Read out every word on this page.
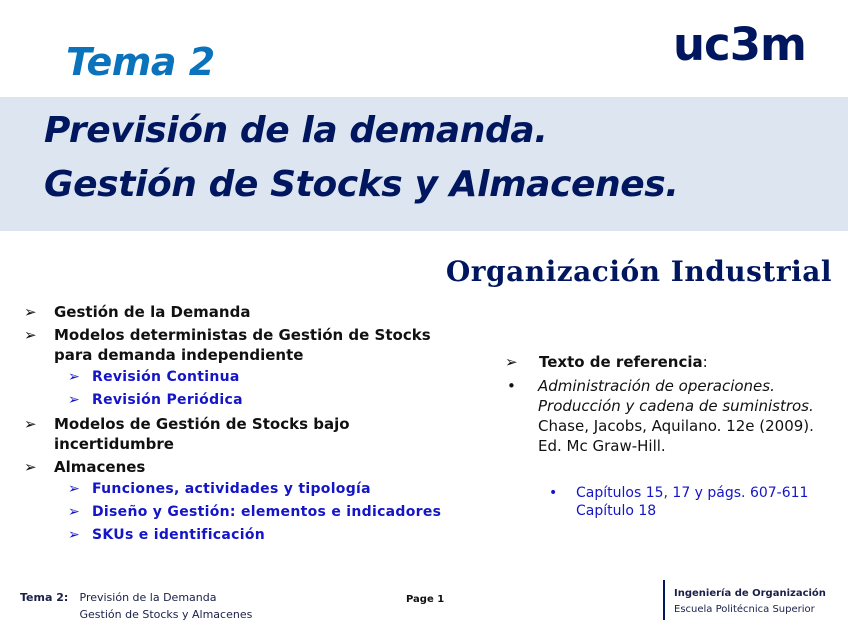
Tema 2	uc3m
Previsión de la demanda.
Gestión de Stocks y Almacenes.
Organización Industrial
➢ Gestión de la Demanda
➢ Modelos deterministas de Gestión de Stocks para demanda independiente
➢ Revisión Continua
➢ Revisión Periódica
➢ Modelos de Gestión de Stocks bajo incertidumbre
➢ Almacenes
➢ Funciones, actividades y tipología
➢ Diseño y Gestión: elementos e indicadores
➢ SKUs e identificación
➢ Texto de referencia:
• Administración de operaciones. Producción y cadena de suministros.
Chase, Jacobs, Aquilano. 12e (2009). Ed. Mc Graw-Hill.
• Capítulos 15, 17 y págs. 607-611
Capítulo 18
Tema 2: Previsión de la Demanda
Gestión de Stocks y Almacenes
Page 1
Ingeniería de Organización
Escuela Politécnica Superior
